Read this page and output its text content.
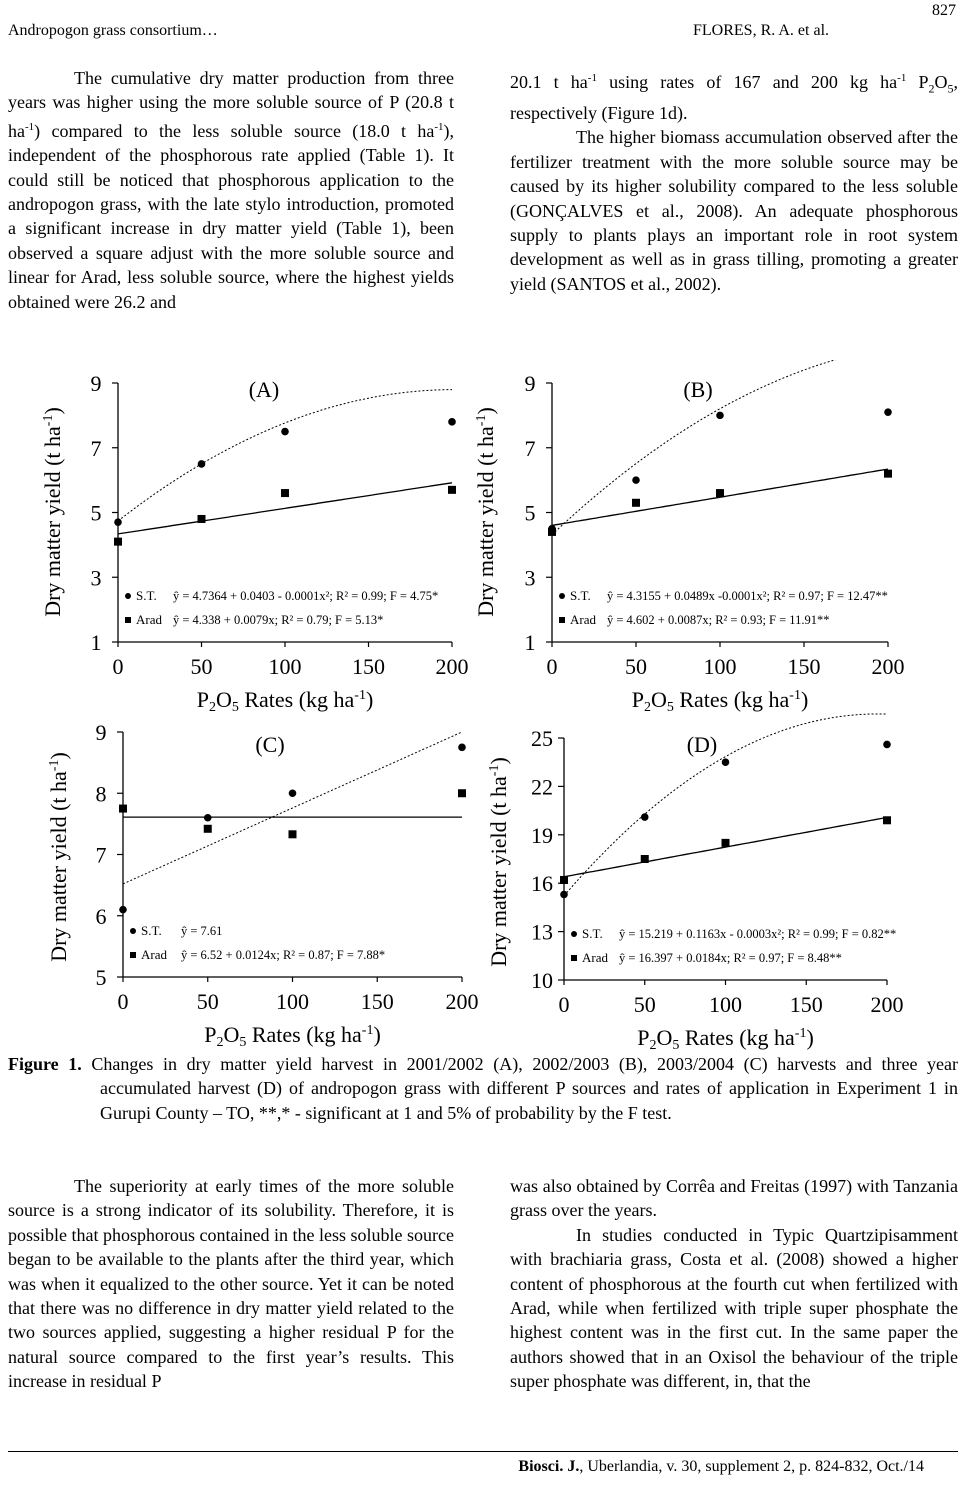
Andropogon grass consortium…	FLORES, R. A. et al.
827

The cumulative dry matter production from three years was higher using the more soluble source of P (20.8 t $ha^{-1}$) compared to the less soluble source (18.0 t $ha^{-1}$), independent of the phosphorous rate applied (Table 1). It could still be noticed that phosphorous application to the andropogon grass, with the late stylo introduction, promoted a significant increase in dry matter yield (Table 1), been observed a square adjust with the more soluble source and linear for Arad, less soluble source, where the highest yields obtained were 26.2 and

20.1 t $ha^{-1}$ using rates of 167 and 200 kg $ha^{-1}$ $P_2O_5$, respectively (Figure 1d).

The higher biomass accumulation observed after the fertilizer treatment with the more soluble source may be caused by its higher solubility compared to the less soluble (GONÇALVES et al., 2008). An adequate phosphorous supply to plants plays an important role in root system development as well as in grass tilling, promoting a greater yield (SANTOS et al., 2002).

1
3
5
7
9
0	50	100 150 200
(A)
Dry matter yield (t $ha^{-1}$)
P2O5 Rates (kg $ha^{-1}$)
S.T. ŷ = 4.7364 + 0.0403 - 0.0001x²; R² = 0.99; F = 4.75*
Arad ŷ = 4.338 + 0.0079x; R² = 0.79; F = 5.13*
1
3
5
7
9
0	50	100 150 200
(B)
Dry matter yield (t $ha^{-1}$)
P2O5 Rates (kg $ha^{-1}$)
S.T. ŷ = 4.3155 + 0.0489x -0.0001x²; R² = 0.97; F = 12.47**
Arad ŷ = 4.602 + 0.0087x; R² = 0.93; F = 11.91**
5
6
7
8
9
0	50	100 150 200
(C)
Dry matter yield (t $ha^{-1}$)
P2O5 Rates (kg $ha^{-1}$)
S.T. ŷ = 7.61
Arad ŷ = 6.52 + 0.0124x; R² = 0.87; F = 7.88*
10
13
16
19
22
25
0	50 100 150 200
(D)
Dry matter yield (t $ha^{-1}$)
P2O5 Rates (kg $ha^{-1}$)
S.T. ŷ = 15.219 + 0.1163x - 0.0003x²; R² = 0.99; F = 0.82**
Arad ŷ = 16.397 + 0.0184x; R² = 0.97; F = 8.48**
Figure 1. Changes in dry matter yield harvest in 2001/2002 (A), 2002/2003 (B), 2003/2004 (C) harvests and three year accumulated harvest (D) of andropogon grass with different P sources and rates of application in Experiment 1 in Gurupi County – TO, **,* - significant at 1 and 5% of probability by the F test.

The superiority at early times of the more soluble source is a strong indicator of its solubility. Therefore, it is possible that phosphorous contained in the less soluble source began to be available to the plants after the third year, which was when it equalized to the other source. Yet it can be noted that there was no difference in dry matter yield related to the two sources applied, suggesting a higher residual P for the natural source compared to the first year’s results. This increase in residual P

was also obtained by Corrêa and Freitas (1997) with Tanzania grass over the years.

In studies conducted in Typic Quartzipisamment with brachiaria grass, Costa et al. (2008) showed a higher content of phosphorous at the fourth cut when fertilized with Arad, while when fertilized with triple super phosphate the highest content was in the first cut. In the same paper the authors showed that in an Oxisol the behaviour of the triple super phosphate was different, in, that the

Biosci. J., Uberlandia, v. 30, supplement 2, p. 824-832, Oct./14
